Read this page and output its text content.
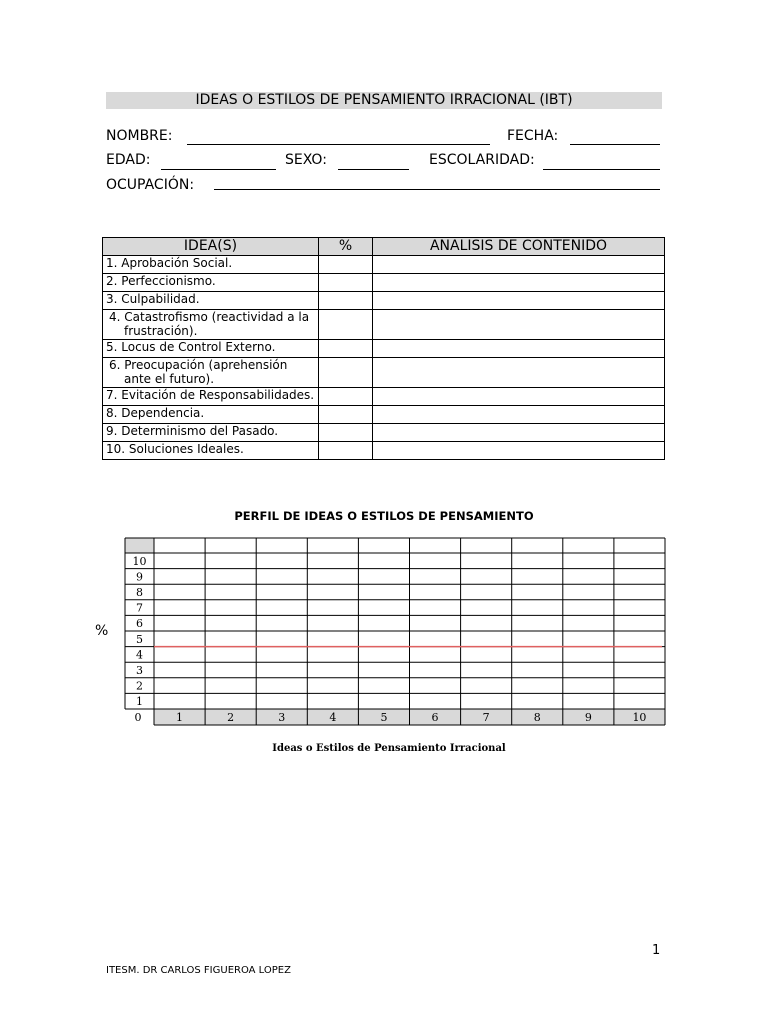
IDEAS O ESTILOS DE PENSAMIENTO IRRACIONAL (IBT)
NOMBRE:	FECHA:
EDAD:	SEXO:	ESCOLARIDAD:
OCUPACIÓN:
IDEA(S)	%	ANALISIS DE CONTENIDO
1. Aprobación Social.		
2. Perfeccionismo.		
3. Culpabilidad.		

4. Catastrofismo (reactividad a la frustración).		

5. Locus de Control Externo.		

6. Preocupación (aprehensión ante el futuro).		

7. Evitación de Responsabilidades.		
8. Dependencia.		
9. Determinismo del Pasado.		
10. Soluciones Ideales.		
PERFIL DE IDEAS O ESTILOS DE PENSAMIENTO
%
10
9
8
7
6
5
4
3
2
1
0	1	2	3	4	5	6	7	8	9	10
Ideas o Estilos de Pensamiento Irracional
1
ITESM. DR CARLOS FIGUEROA LOPEZ
